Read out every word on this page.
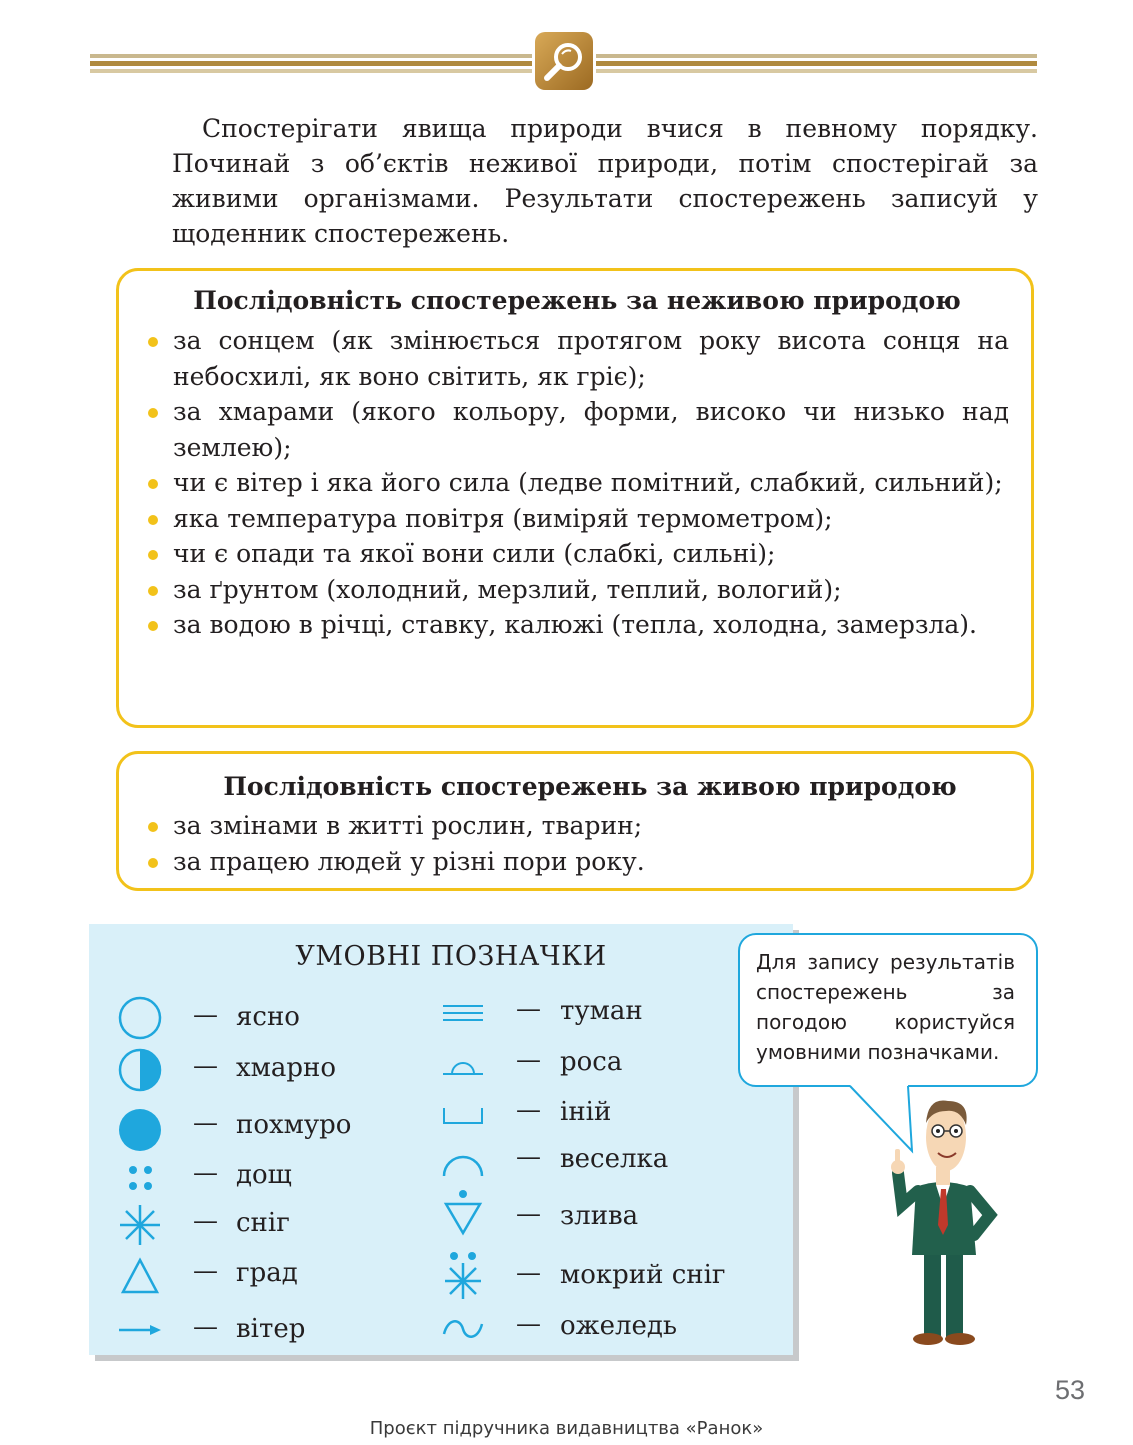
Спостерігати явища природи вчися в певному порядку. Починай з об’єктів неживої природи, потім спостерігай за живими організмами. Результати спостережень записуй у щоденник спостережень.

Послідовність спостережень за неживою природою
за сонцем (як змінюється протягом року висота сонця на небосхилі, як воно світить, як гріє);
за хмарами (якого кольору, форми, високо чи низько над землею);
чи є вітер і яка його сила (ледве помітний, слабкий, сильний);
яка температура повітря (виміряй термометром);
чи є опади та якої вони сили (слабкі, сильні);
за ґрунтом (холодний, мерзлий, теплий, вологий);
за водою в річці, ставку, калюжі (тепла, холодна, замерзла).
Послідовність спостережень за живою природою
за змінами в житті рослин, тварин;
за працею людей у різні пори року.
УМОВНІ ПОЗНАЧКИ
— ясно
— хмарно
— похмуро
— дощ
— сніг
— град
— вітер
— туман
— роса
— іній
— веселка
— злива
— мокрий сніг
— ожеледь

Для запису результатів спостережень за погодою користуйся умовними позначками.

53
Проєкт підручника видавництва «Ранок»
